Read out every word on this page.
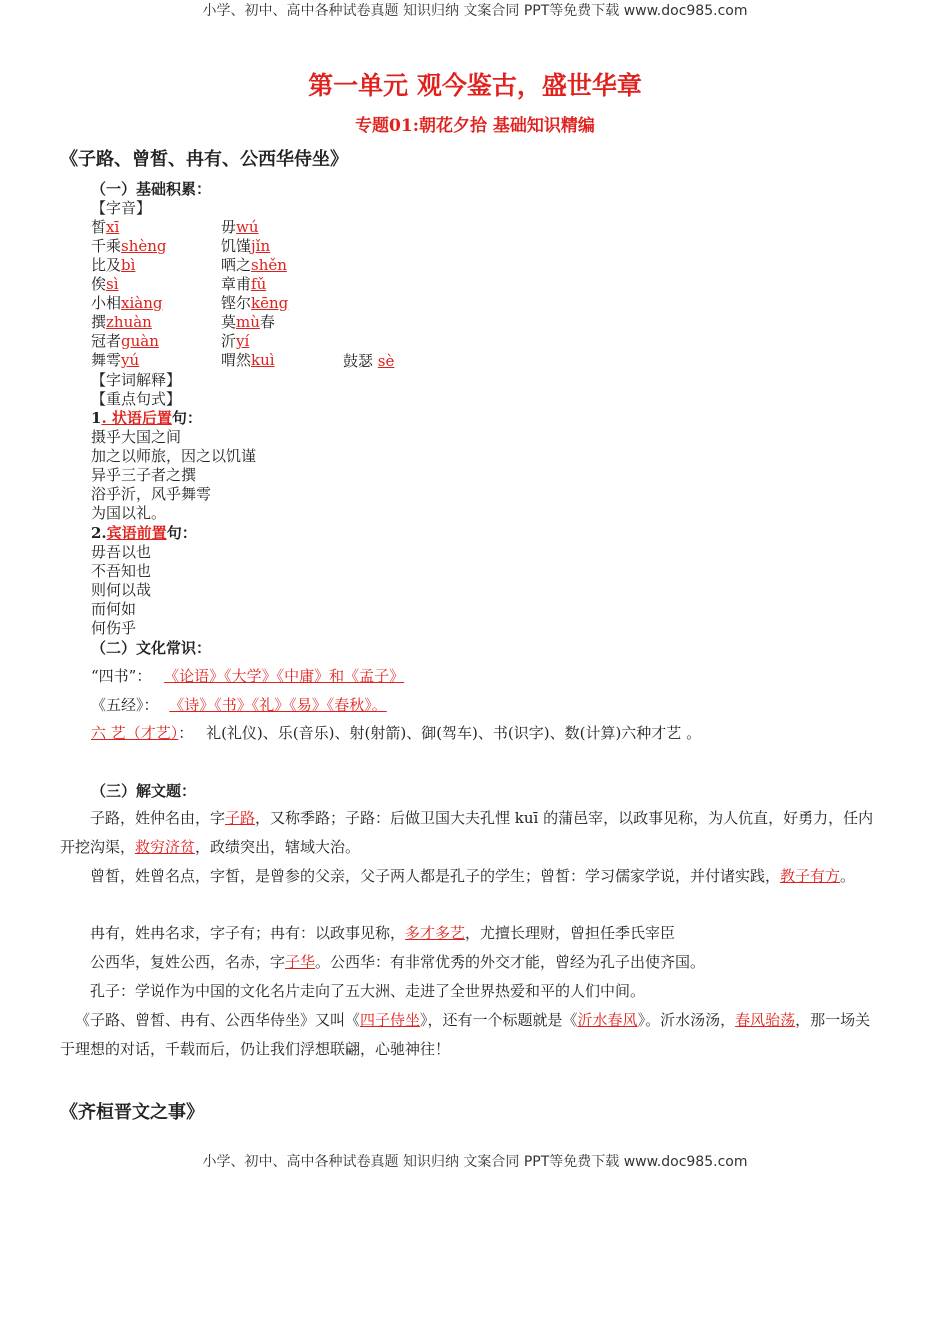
小学、初中、高中各种试卷真题 知识归纳 文案合同 PPT等免费下载 www.doc985.com
小学、初中、高中各种试卷真题 知识归纳 文案合同 PPT等免费下载 www.doc985.com
第一单元 观今鉴古，盛世华章
专题01:朝花夕拾 基础知识精编
《子路、曾皙、冉有、公西华侍坐》
（一）基础积累：
【字音】
皙xī
千乘shèng
比及bì
俟sì
小相xiàng
撰zhuàn
冠者guàn
舞雩yú
毋wú
饥馑jǐn
哂之shěn
章甫fǔ
铿尔kēng
莫mù春
沂yí
喟然kuì	鼓瑟 sè
【字词解释】
【重点句式】
1. 状语后置句：
摄乎大国之间
加之以师旅，因之以饥谨
异乎三子者之撰
浴乎沂，风乎舞雩
为国以礼。
2.宾语前置句：
毋吾以也
不吾知也
则何以哉
而何如
何伤乎
（二）文化常识：
“四书”： 《论语》《大学》《中庸》和《孟子》
《五经》： 《诗》《书》《礼》《易》《春秋》。
六 艺（才艺）： 礼(礼仪)、乐(音乐)、射(射箭)、御(驾车)、书(识字)、数(计算)六种才艺 。
（三）解文题：
子路，姓仲名由，字子路，又称季路；子路：后做卫国大夫孔悝 kuī 的蒲邑宰，以政事见称，为人伉直，好勇力，任内开挖沟渠，救穷济贫，政绩突出，辖域大治。
曾皙，姓曾名点，字皙，是曾参的父亲，父子两人都是孔子的学生；曾皙：学习儒家学说，并付诸实践，教子有方。
冉有，姓冉名求，字子有；冉有：以政事见称，多才多艺，尤擅长理财，曾担任季氏宰臣
公西华，复姓公西，名赤，字子华。公西华：有非常优秀的外交才能，曾经为孔子出使齐国。
孔子：学说作为中国的文化名片走向了五大洲、走进了全世界热爱和平的人们中间。
《子路、曾皙、冉有、公西华侍坐》又叫《四子侍坐》，还有一个标题就是《沂水春风》。沂水汤汤，春风骀荡，那一场关于理想的对话，千载而后，仍让我们浮想联翩，心驰神往！
《齐桓晋文之事》
